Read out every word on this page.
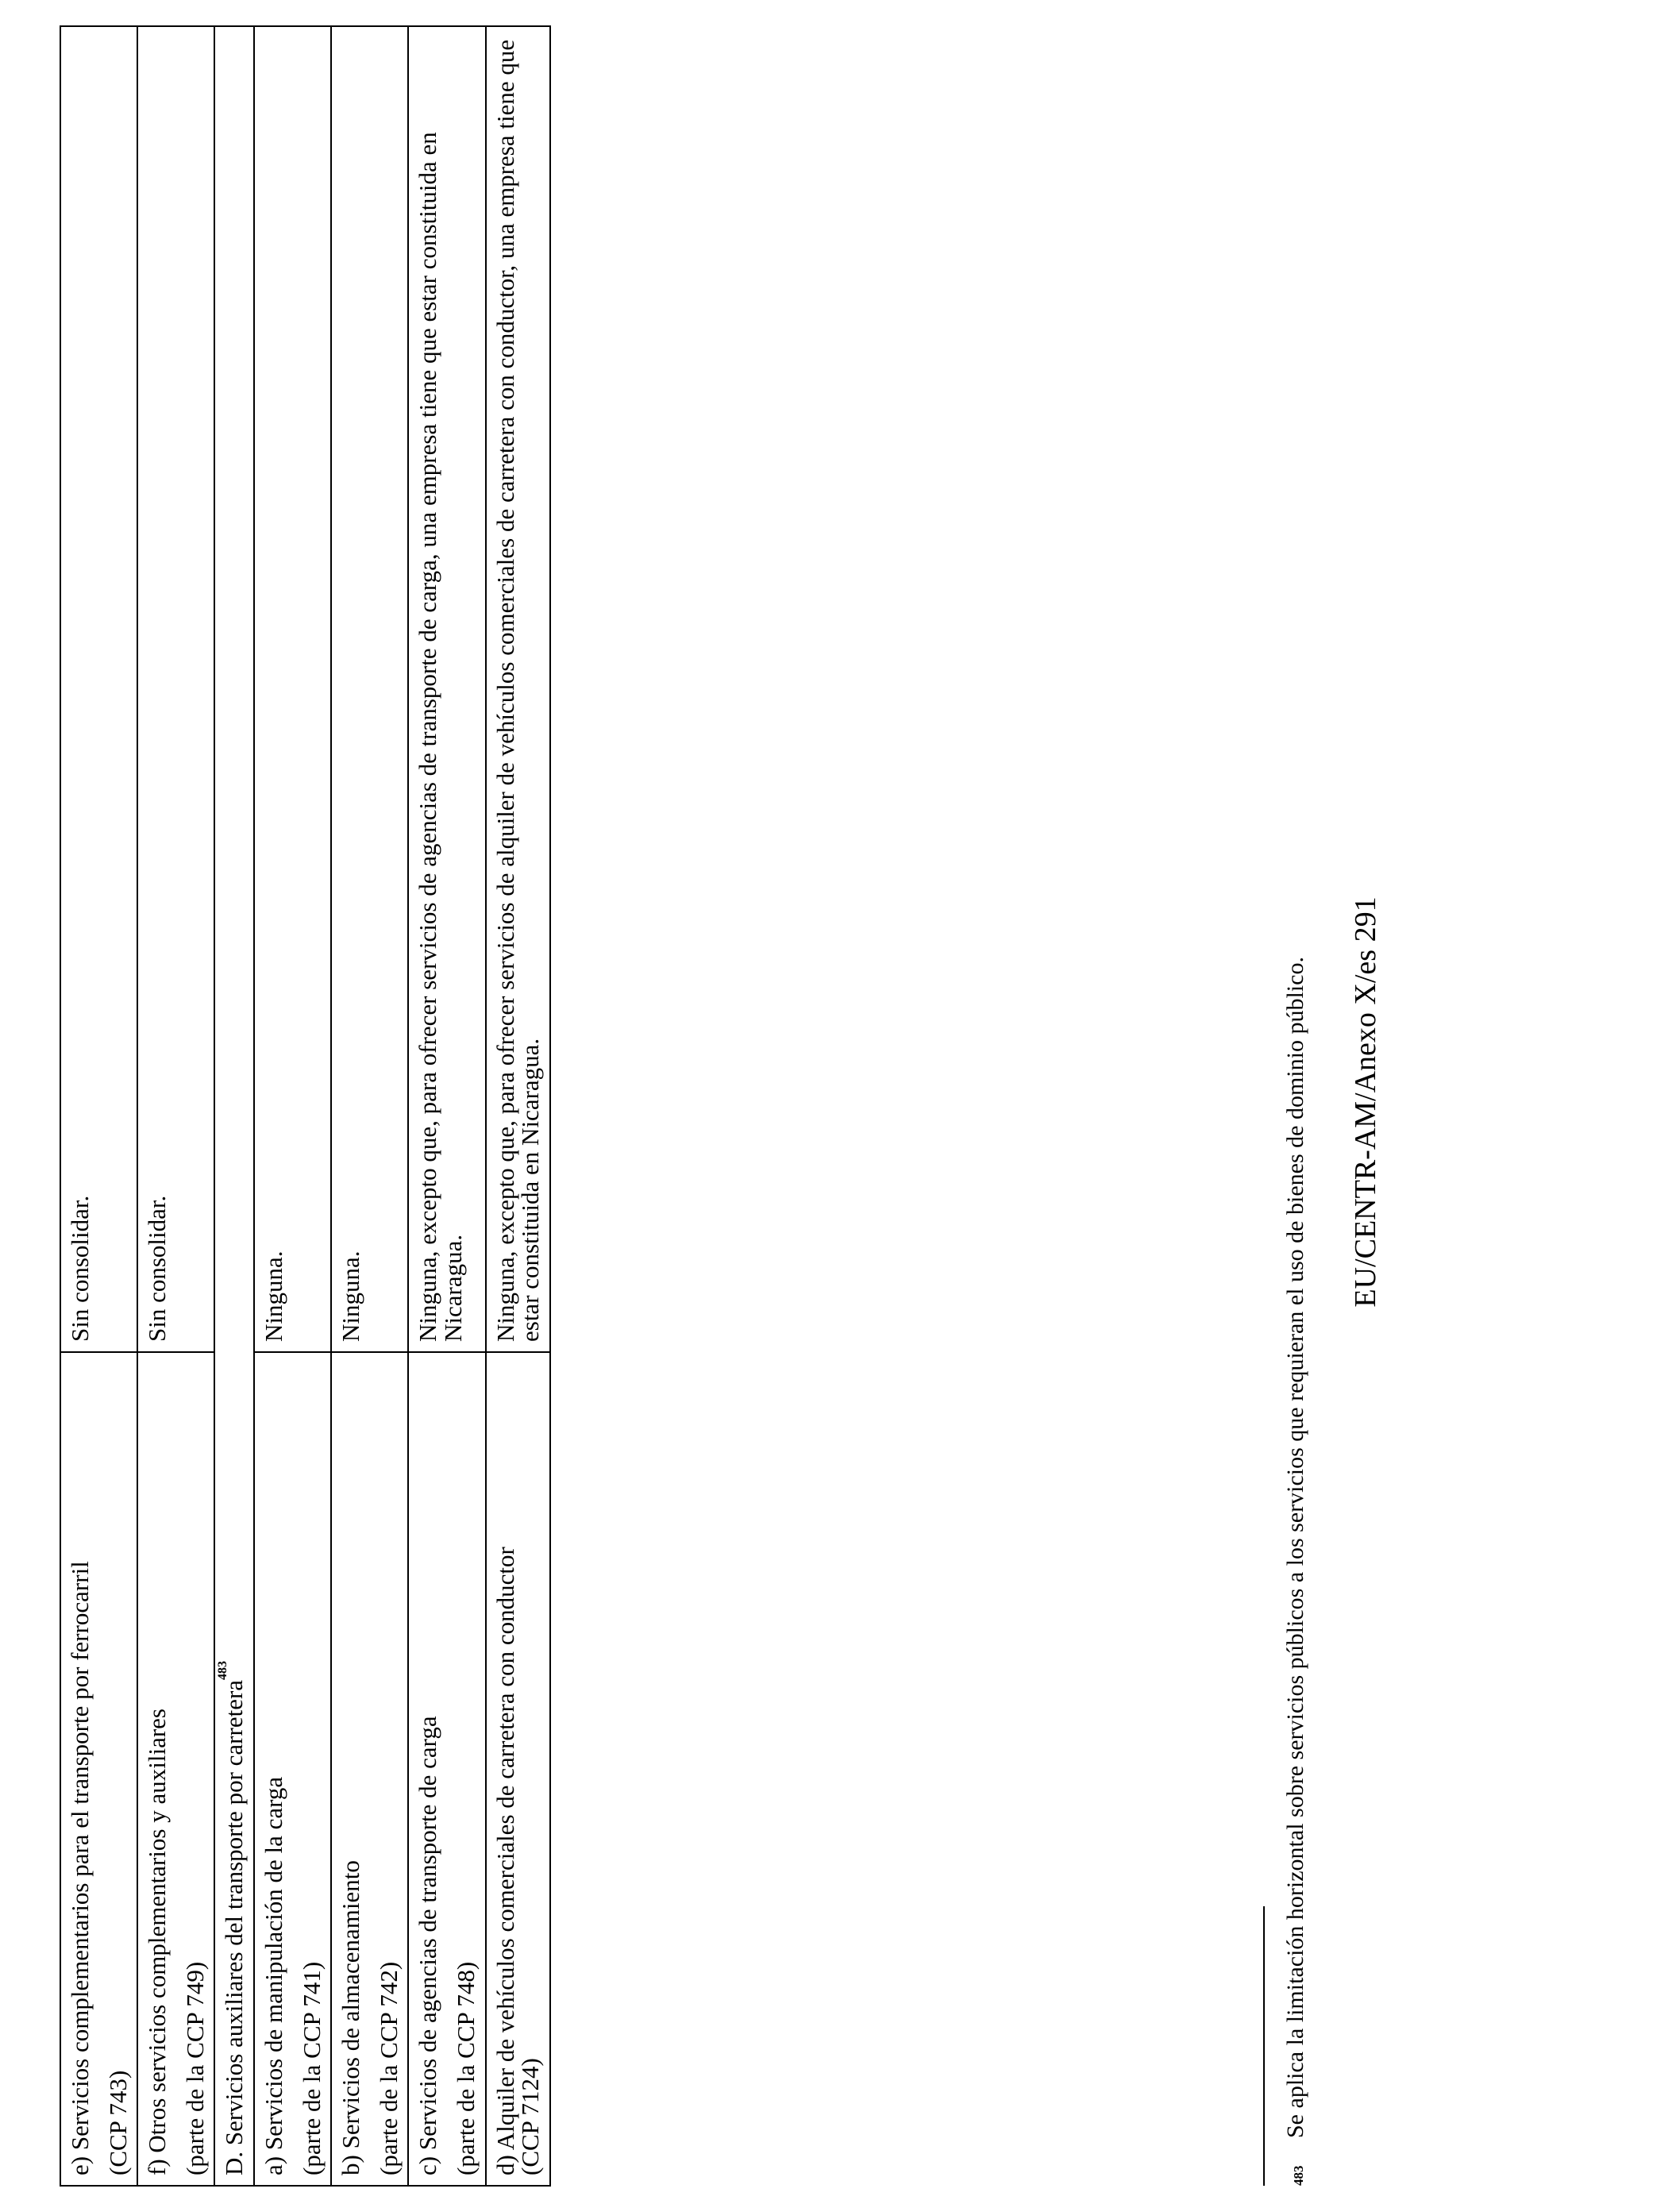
e) Servicios complementarios para el transporte por ferrocarril (CCP 743)	Sin consolidar.

f) Otros servicios complementarios y auxiliares (parte de la CCP 749)	Sin consolidar.
D. Servicios auxiliares del transporte por carretera$^{483}$

a) Servicios de manipulación de la carga (parte de la CCP 741)	Ninguna.

b) Servicios de almacenamiento (parte de la CCP 742)	Ninguna.

c) Servicios de agencias de transporte de carga (parte de la CCP 748)	Ninguna, excepto que, para ofrecer servicios de agencias de transporte de carga, una empresa tiene que estar constituida en Nicaragua.

d) Alquiler de vehículos comerciales de carretera con conductor
(CCP 7124)	Ninguna, excepto que, para ofrecer servicios de alquiler de vehículos comerciales de carretera con conductor, una empresa tiene que estar constituida en Nicaragua.
483Se aplica la limitación horizontal sobre servicios públicos a los servicios que requieran el uso de bienes de dominio público. EU/CENTR-AM/Anexo X/es 291
